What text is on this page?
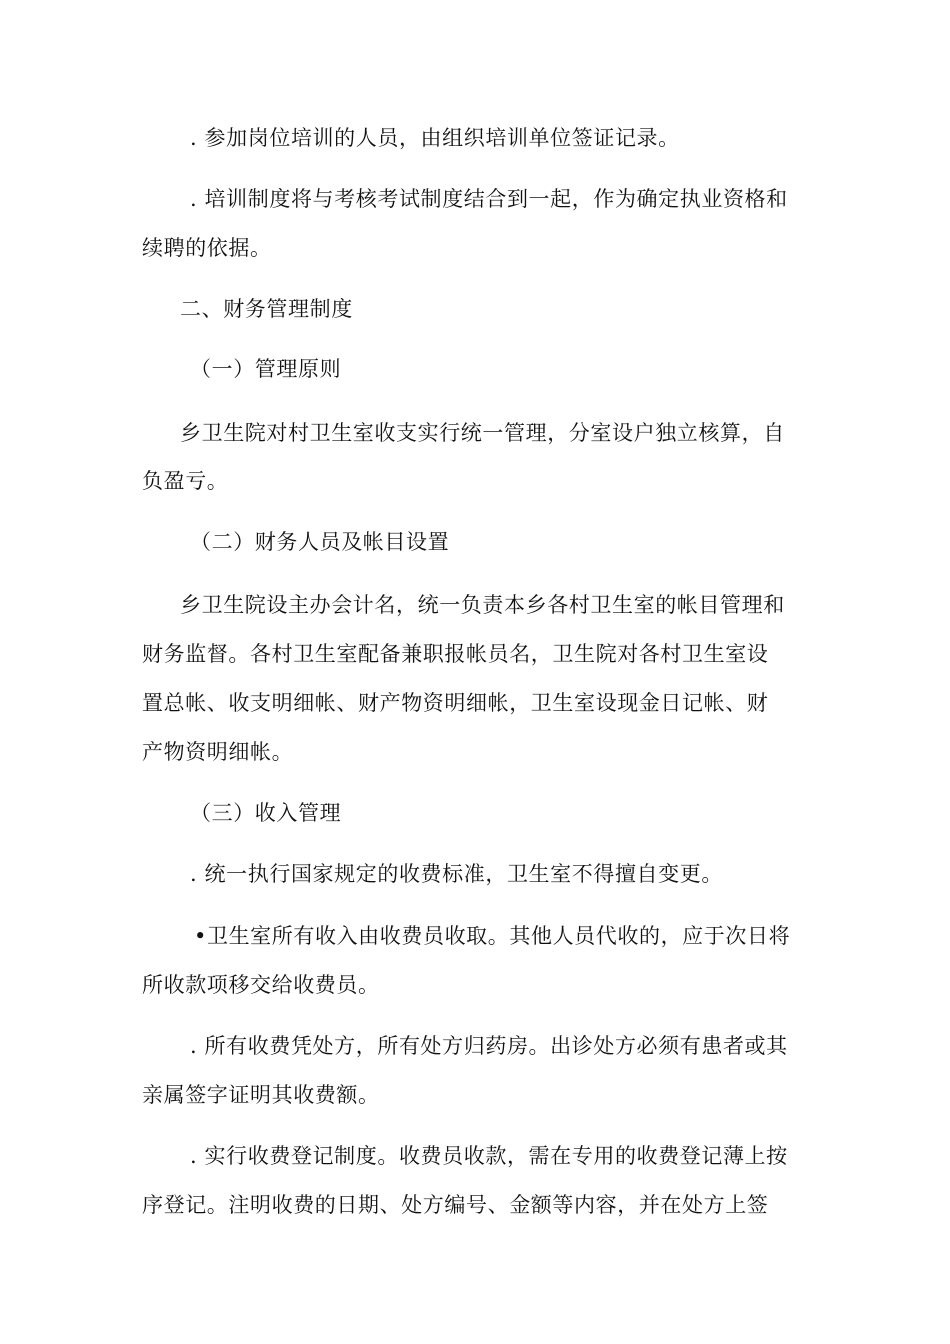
. 参加岗位培训的人员，由组织培训单位签证记录。
. 培训制度将与考核考试制度结合到一起，作为确定执业资格和
续聘的依据。
二、财务管理制度
（一）管理原则
乡卫生院对村卫生室收支实行统一管理，分室设户独立核算，自
负盈亏。
（二）财务人员及帐目设置
乡卫生院设主办会计名，统一负责本乡各村卫生室的帐目管理和
财务监督。各村卫生室配备兼职报帐员名，卫生院对各村卫生室设
置总帐、收支明细帐、财产物资明细帐，卫生室设现金日记帐、财
产物资明细帐。
（三）收入管理
. 统一执行国家规定的收费标准，卫生室不得擅自变更。
•卫生室所有收入由收费员收取。其他人员代收的，应于次日将
所收款项移交给收费员。
. 所有收费凭处方，所有处方归药房。出诊处方必须有患者或其
亲属签字证明其收费额。
. 实行收费登记制度。收费员收款，需在专用的收费登记薄上按
序登记。注明收费的日期、处方编号、金额等内容，并在处方上签
